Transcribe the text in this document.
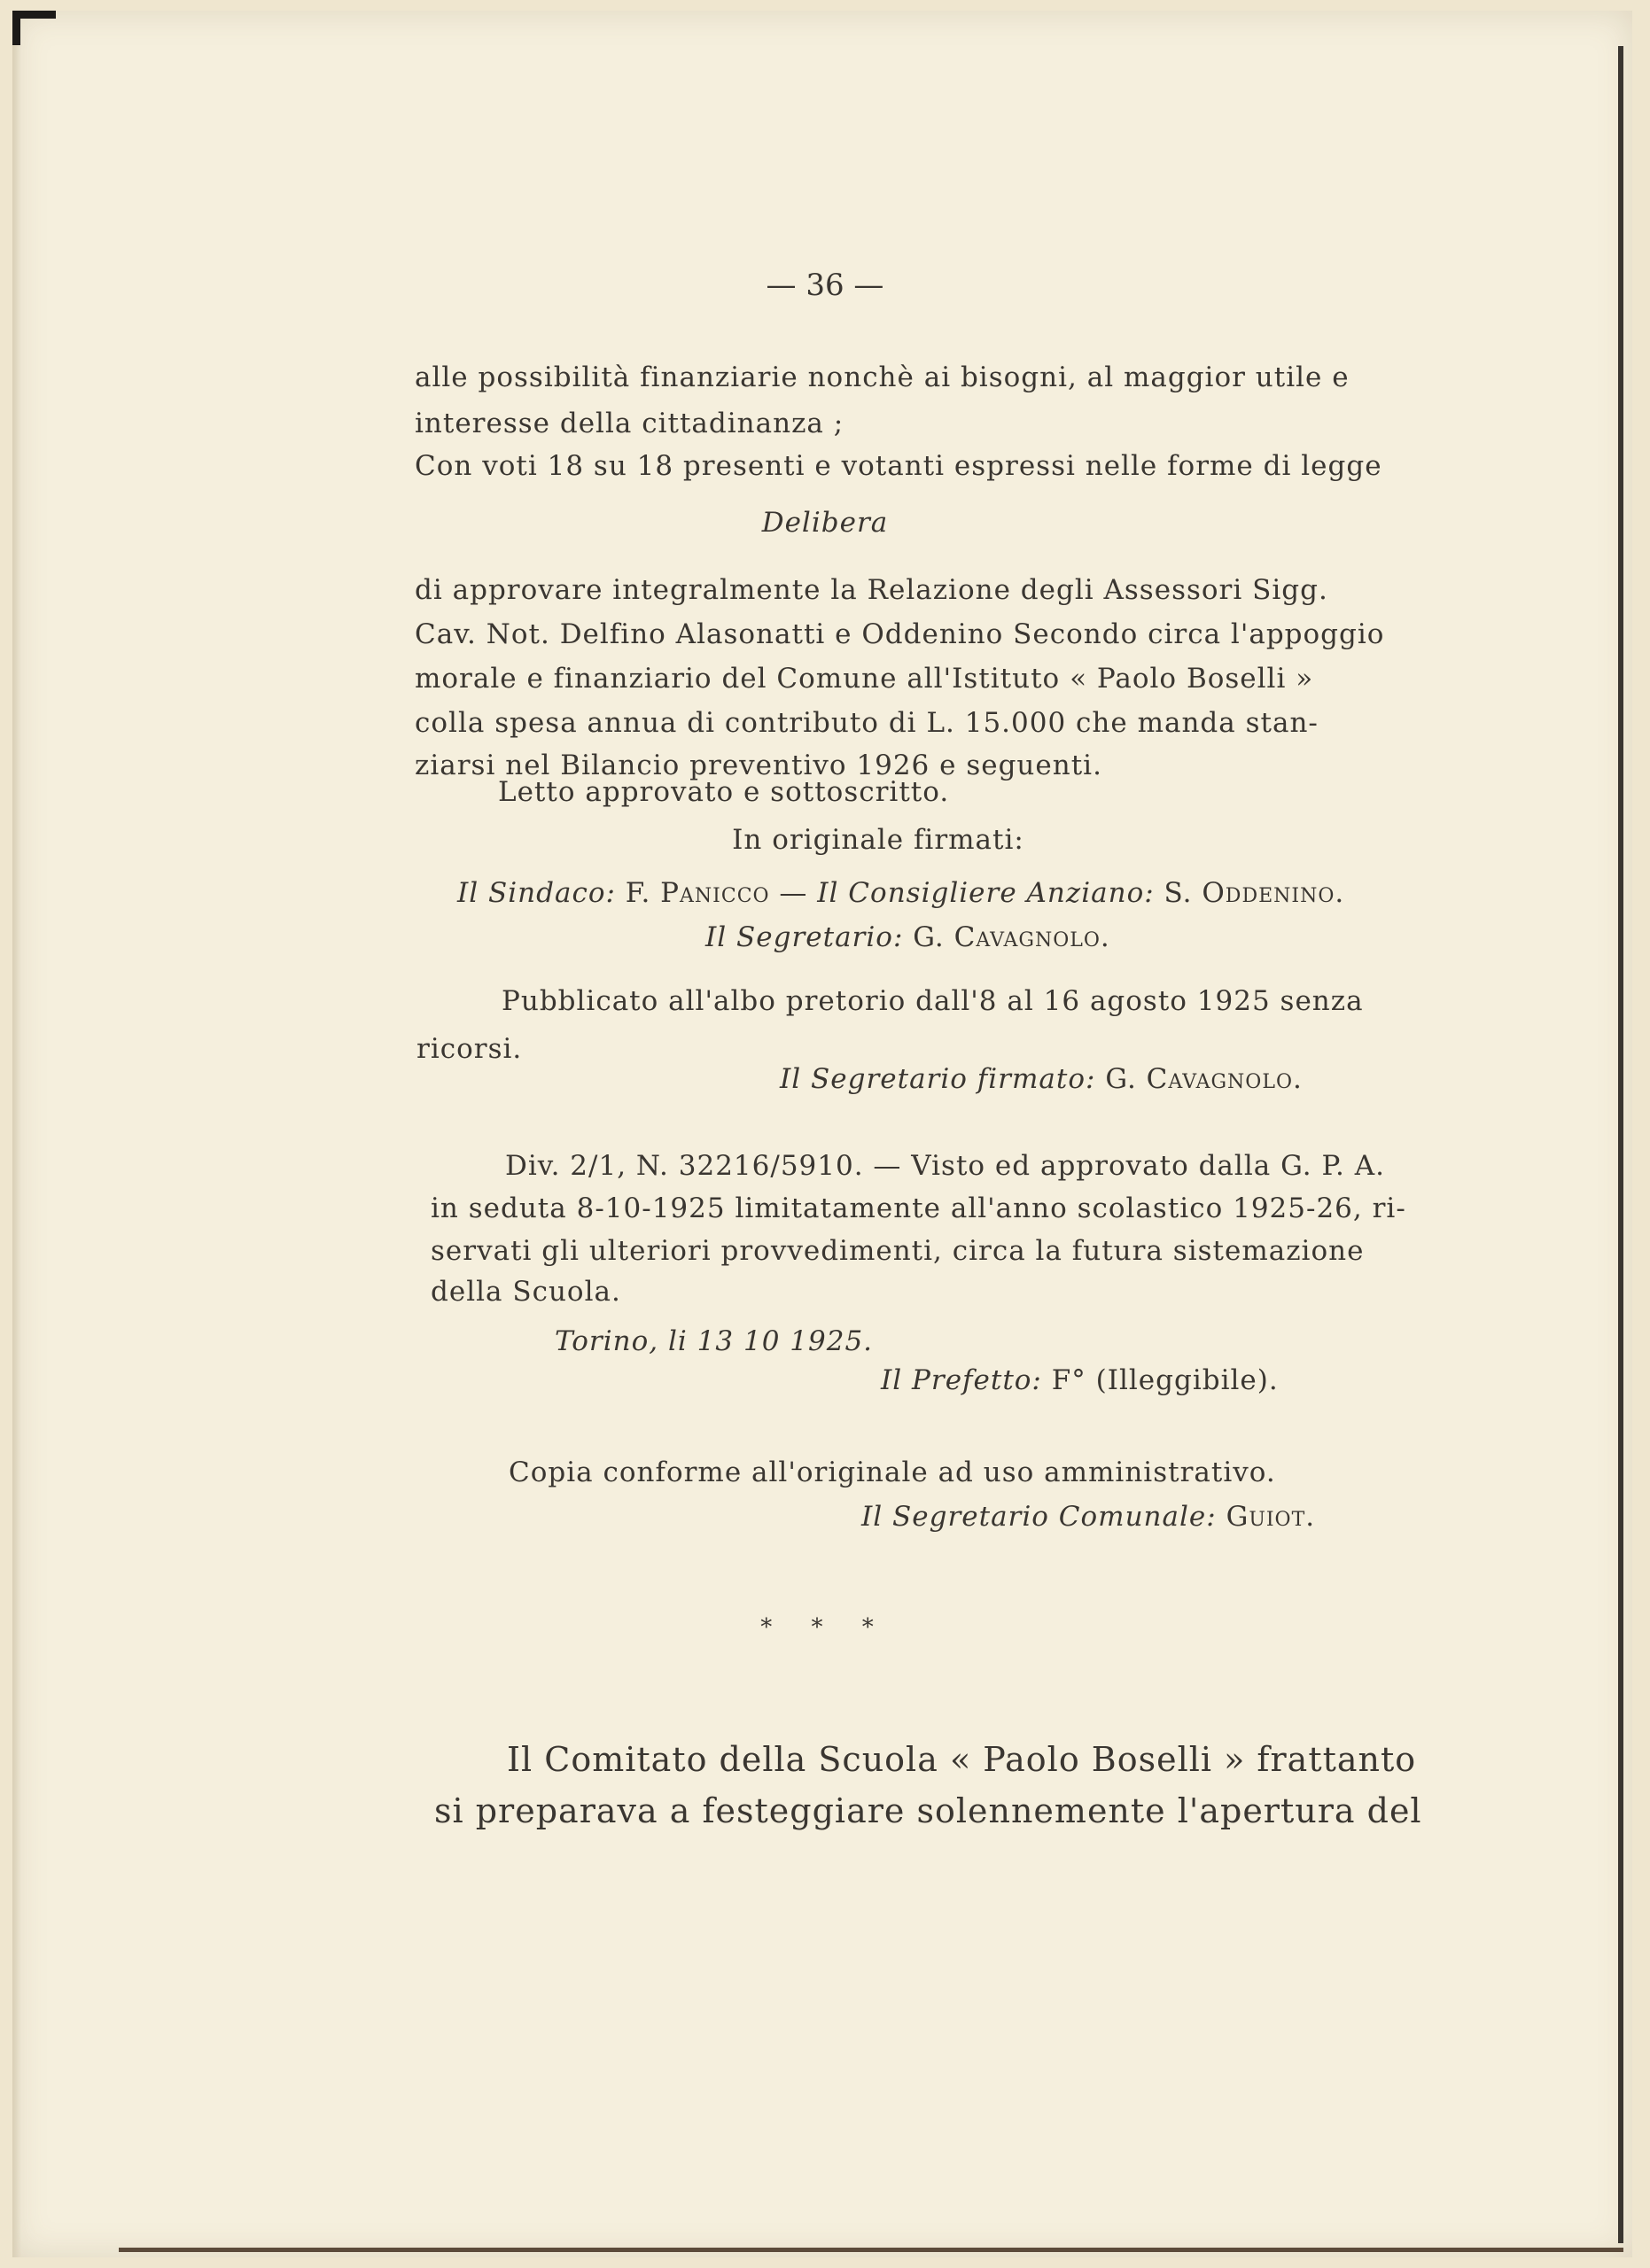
— 36 —
alle possibilità finanziarie nonchè ai bisogni, al maggior utile e
interesse della cittadinanza ;
Con voti 18 su 18 presenti e votanti espressi nelle forme di legge
Delibera
di approvare integralmente la Relazione degli Assessori Sigg.
Cav. Not. Delfino Alasonatti e Oddenino Secondo circa l'appoggio
morale e finanziario del Comune all'Istituto « Paolo Boselli »
colla spesa annua di contributo di L. 15.000 che manda stan-
ziarsi nel Bilancio preventivo 1926 e seguenti.
Letto approvato e sottoscritto.
In originale firmati:
Il Sindaco: F. Panicco — Il Consigliere Anziano: S. Oddenino.
Il Segretario: G. Cavagnolo.
Pubblicato all'albo pretorio dall'8 al 16 agosto 1925 senza
ricorsi.
Il Segretario firmato: G. Cavagnolo.
Div. 2/1, N. 32216/5910. — Visto ed approvato dalla G. P. A.
in seduta 8-10-1925 limitatamente all'anno scolastico 1925-26, ri-
servati gli ulteriori provvedimenti, circa la futura sistemazione
della Scuola.
Torino, li 13 10 1925.
Il Prefetto: F° (Illeggibile).
Copia conforme all'originale ad uso amministrativo.
Il Segretario Comunale: Guiot.
* * *
Il Comitato della Scuola « Paolo Boselli » frattanto
si preparava a festeggiare solennemente l'apertura del
